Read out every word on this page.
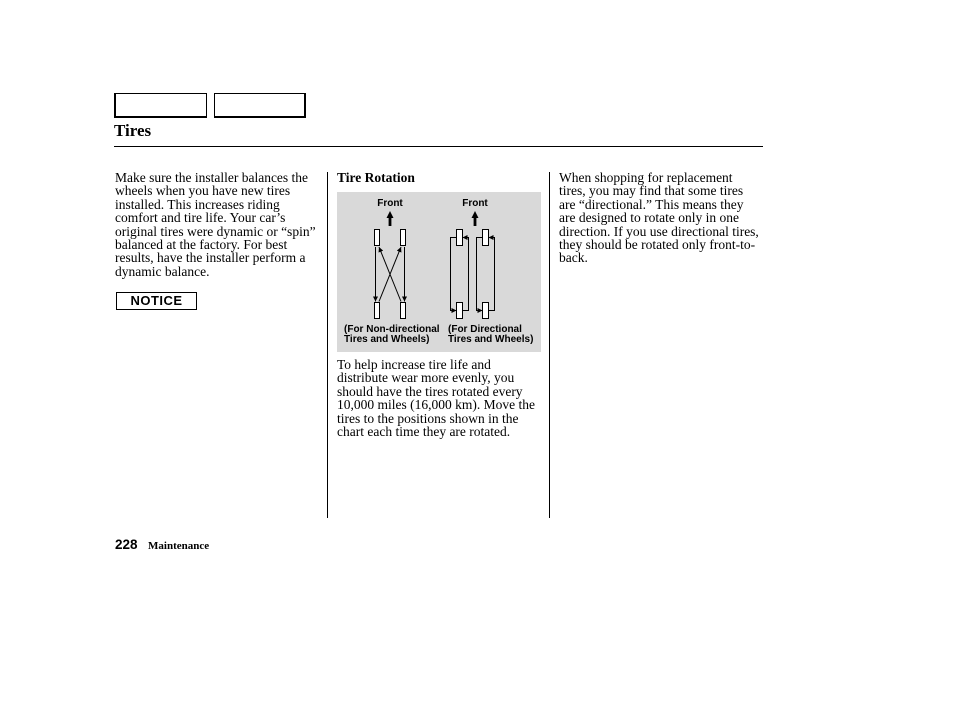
Tires
Make sure the installer balances the
wheels when you have new tires
installed. This increases riding
comfort and tire life. Your car’s
original tires were dynamic or “spin”
balanced at the factory. For best
results, have the installer perform a
dynamic balance.
NOTICE
Tire Rotation
Front	Front
(For Non-directional
Tires and Wheels)
(For Directional
Tires and Wheels)
To help increase tire life and
distribute wear more evenly, you
should have the tires rotated every
10,000 miles (16,000 km). Move the
tires to the positions shown in the
chart each time they are rotated.
When shopping for replacement
tires, you may find that some tires
are “directional.” This means they
are designed to rotate only in one
direction. If you use directional tires,
they should be rotated only front-to-
back.
228 Maintenance
